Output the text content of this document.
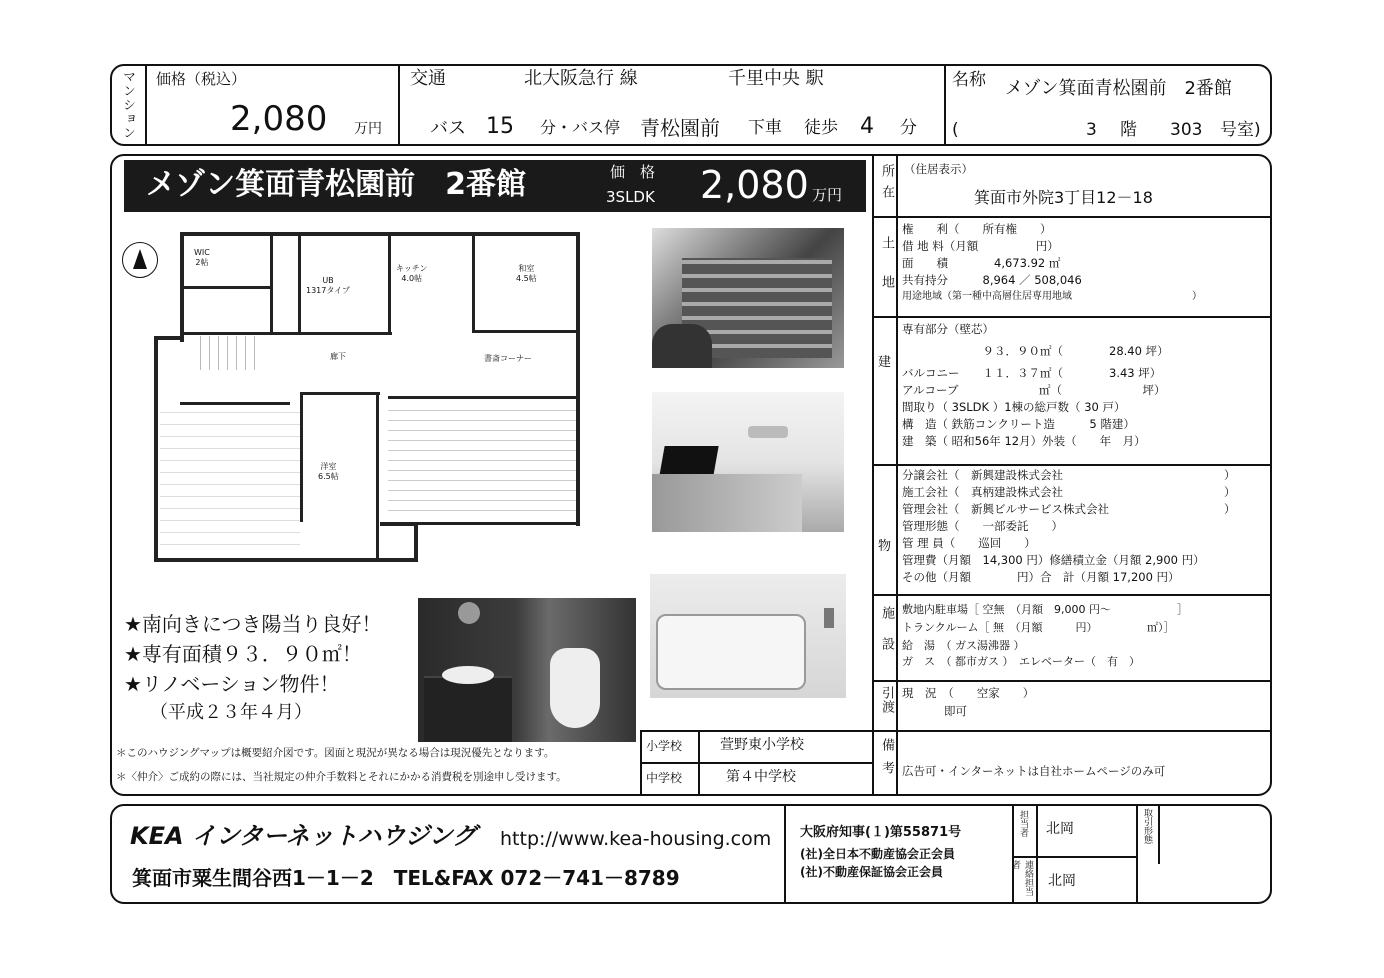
マンション 価格（税込）
2,080 万円
交通	北大阪急行 線	千里中央 駅
バス 15 分・バス停 青松園前 下車 徒歩 4 分
名称 メゾン箕面青松園前　2番館
(	3 階 303 号室)
メゾン箕面青松園前　2番館	価　格
3SLDK 2,080 万円
WIC
2帖
UB
1317タイプ
キッチン
4.0帖
和室
4.5帖
廊下	書斎コーナー
洋室
6.5帖
★南向きにつき陽当り良好！
★専有面積９３．９０㎡！
★リノベーション物件！
（平成２３年４月）
＊このハウジングマップは概要紹介図です。図面と現況が異なる場合は現況優先となります。
＊〈仲介〉ご成約の際には、当社規定の仲介手数料とそれにかかる消費税を別途申し受けます。
小学校	萱野東小学校
中学校	第４中学校
所在 （住居表示）
箕面市外院3丁目12－18
土地
権　　利（　　所有権　　）
借 地 料（月額　　　　　円）
面　　積　　　　4,673.92 ㎡
共有持分　　　8,964 ／ 508,046
用途地域（第一種中高層住居専用地域　　　　　　　　　　　　）
建
専有部分（壁芯）
　　　　　　　９３．９０㎡（　　　　28.40 坪）
バルコニー　　１１．３７㎡（　　　　3.43 坪）
アルコーブ　　　　　　　㎡（　　　　　　　坪）
間取り（ 3SLDK ）1棟の総戸数（ 30 戸）
構　造（ 鉄筋コンクリート造　　　5 階建）
建　築（ 昭和56年 12月）外装（　　年　月）
物
分譲会社（　新興建設株式会社　　　　　　　　　　　　　　）
施工会社（　真柄建設株式会社　　　　　　　　　　　　　　）
管理会社（　新興ビルサービス株式会社　　　　　　　　　　）
管理形態（　　一部委託　　）
管 理 員（　　巡回　　）
管理費（月額　14,300 円）修繕積立金（月額 2,900 円）
その他（月額　　　　円）合　計（月額 17,200 円）
施設 敷地内駐車場［ 空無　（月額　9,000 円～　　　　　　］
トランクルーム［ 無　（月額　　　円）　　　　　㎡）］
給　湯　（ ガス湯沸器 ）
ガ　ス　（ 都市ガス ）　エレベーター（　有　）
引渡 現　況　（　　空家　　）
即可
備考 広告可・インターネットは自社ホームページのみ可
KEA インターネットハウジング http://www.kea-housing.com
箕面市粟生間谷西1－1－2　TEL&FAX 072－741－8789
大阪府知事(１)第55871号
(社)全日本不動産協会正会員
(社)不動産保証協会正会員
担当者 北岡
連絡担当者
北岡
取引形態
